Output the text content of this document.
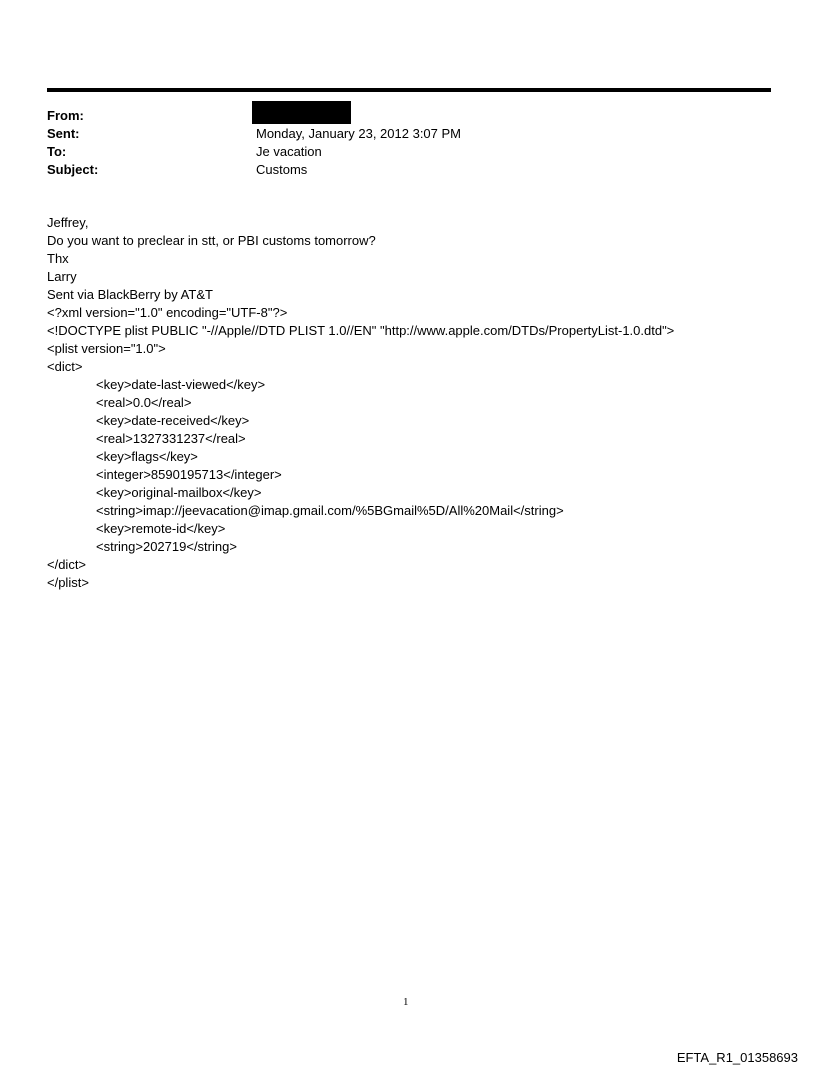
From:
Sent:	Monday, January 23, 2012 3:07 PM
To:	Je vacation
Subject:	Customs
Jeffrey,
Do you want to preclear in stt, or PBI customs tomorrow?
Thx
Larry
Sent via BlackBerry by AT&T
<?xml version="1.0" encoding="UTF-8"?>
<!DOCTYPE plist PUBLIC "-//Apple//DTD PLIST 1.0//EN" "http://www.apple.com/DTDs/PropertyList-1.0.dtd">
<plist version="1.0">
<dict>
<key>date-last-viewed</key>
<real>0.0</real>
<key>date-received</key>
<real>1327331237</real>
<key>flags</key>
<integer>8590195713</integer>
<key>original-mailbox</key>
<string>imap://jeevacation@imap.gmail.com/%5BGmail%5D/All%20Mail</string>
<key>remote-id</key>
<string>202719</string>
</dict>
</plist>
1
EFTA_R1_01358693
